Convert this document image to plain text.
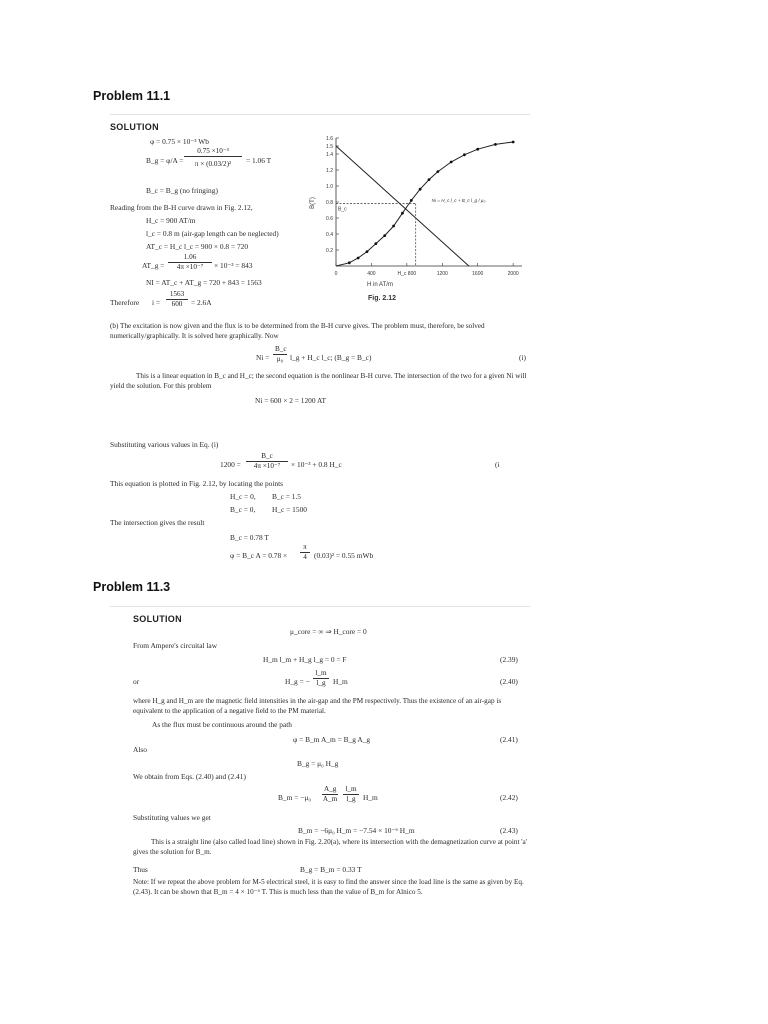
Problem 11.1
SOLUTION
φ = 0.75 × 10⁻³ Wb
B_g = $\varphi/A = \frac{\text{0.75 ×10⁻³}}{\text{π × (0.03/2)²}} = 1.06$ T
B_c = B_g (no fringing)
Reading from the B-H curve drawn in Fig. 2.12,
H_c = 900 AT/m
l_c = 0.8 m (air-gap length can be neglected)
AT_c = H_c l_c = 900 × 0.8 = 720
AT_g = $\frac{1.06}{\text{4π ×10⁻⁷}} \times 10^{-3} = 843$
NI = AT_c + AT_g = 720 + 843 = 1563
Therefore $i = \frac{1563}{600} = 2.6A$
B(T)
0.2
0.4
0.6
0.8
1.0
1.2
1.4
1.5
1.6
0	400	H_c 800	1200	1600	2000
Ni = H_c l_c + B_c l_g / μ₀
B_c
H in AT/m
Fig. 2.12
(b) The excitation is now given and the flux is to be determined from the B-H curve gives. The problem must, therefore, be solved numerically/graphically. It is solved here graphically. Now
$Ni = \frac{B\_c}{\text{μ₀}}$ l_g + H_c l_c; (B_g = B_c)	(i)
This is a linear equation in B_c and H_c; the second equation is the nonlinear B-H curve. The intersection of the two for a given Ni will yield the solution. For this problem
Ni = 600 × 2 = 1200 AT
Substituting various values in Eq. (i)
$1200 = \frac{B\_c}{\text{4π ×10⁻⁷}} \times 10^{-3} + 0.8$ H_c	(i
This equation is plotted in Fig. 2.12, by locating the points
H_c = 0, B_c = 1.5
B_c = 0, H_c = 1500
The intersection gives the result
B_c = 0.78 T
φ = B_c $A = 0.78 \times \frac{\pi}{4} (0.03)^2 = 0.55$ mWb
Problem 11.3
SOLUTION
μ_core = ∞ ⇒ H_core = 0
From Ampere's circuital law
H_m l_m + H_g l_g = 0 = F	(2.39)
or	H_g = − $\frac{l\_m}{l\_g}$ H_m	(2.40)
where H_g and H_m are the magnetic field intensities in the air-gap and the PM respectively. Thus the existence of an air-gap is equivalent to the application of a negative field to the PM material.
As the flux must be continuous around the path
φ = B_m A_m = B_g A_g	(2.41)
Also
B_g = μ₀ H_g
We obtain from Eqs. (2.40) and (2.41)
B_m = $-\mu_0 \frac{A\_g}{A\_m} \frac{l\_m}{l\_g}$ H_m	(2.42)
Substituting values we get
B_m = −6μ₀ H_m = −7.54 × 10⁻⁶ H_m	(2.43)
This is a straight line (also called load line) shown in Fig. 2.20(a), where its intersection with the demagnetization curve at point 'a' gives the solution for B_m.
Thus	B_g = B_m = 0.33 T
Note: If we repeat the above problem for M-5 electrical steel, it is easy to find the answer since the load line is the same as given by Eq. (2.43). It can be shown that B_m = 4 × 10⁻⁶ T. This is much less than the value of B_m for Alnico 5.
